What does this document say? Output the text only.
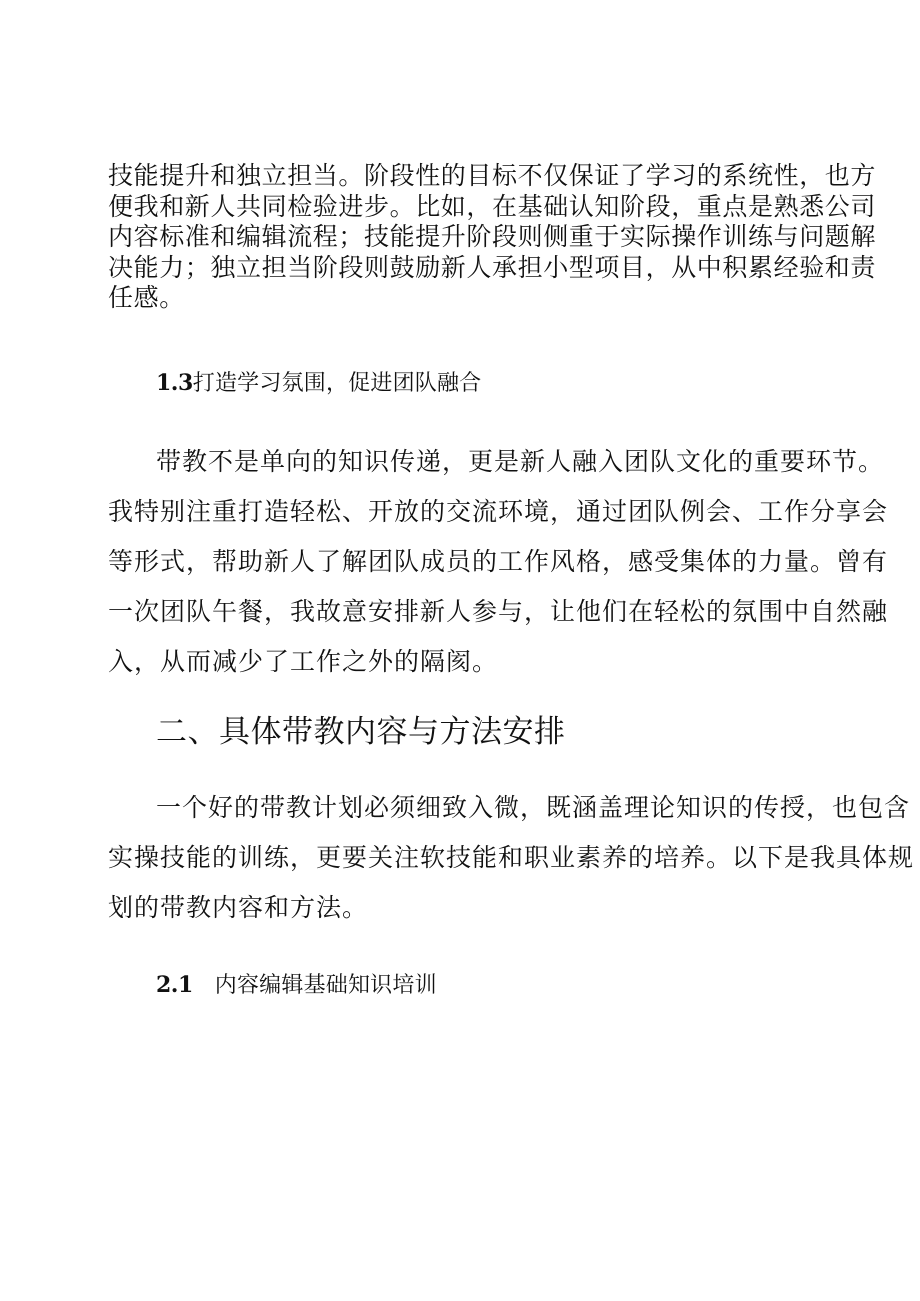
技能提升和独立担当。阶段性的目标不仅保证了学习的系统性，也方
便我和新人共同检验进步。比如，在基础认知阶段，重点是熟悉公司
内容标准和编辑流程；技能提升阶段则侧重于实际操作训练与问题解
决能力；独立担当阶段则鼓励新人承担小型项目，从中积累经验和责
任感。
1.3打造学习氛围，促进团队融合
带教不是单向的知识传递，更是新人融入团队文化的重要环节。
我特别注重打造轻松、开放的交流环境，通过团队例会、工作分享会
等形式，帮助新人了解团队成员的工作风格，感受集体的力量。曾有
一次团队午餐，我故意安排新人参与，让他们在轻松的氛围中自然融
入，从而减少了工作之外的隔阂。
二、具体带教内容与方法安排
一个好的带教计划必须细致入微，既涵盖理论知识的传授，也包含
实操技能的训练，更要关注软技能和职业素养的培养。以下是我具体规
划的带教内容和方法。
2.1 内容编辑基础知识培训
